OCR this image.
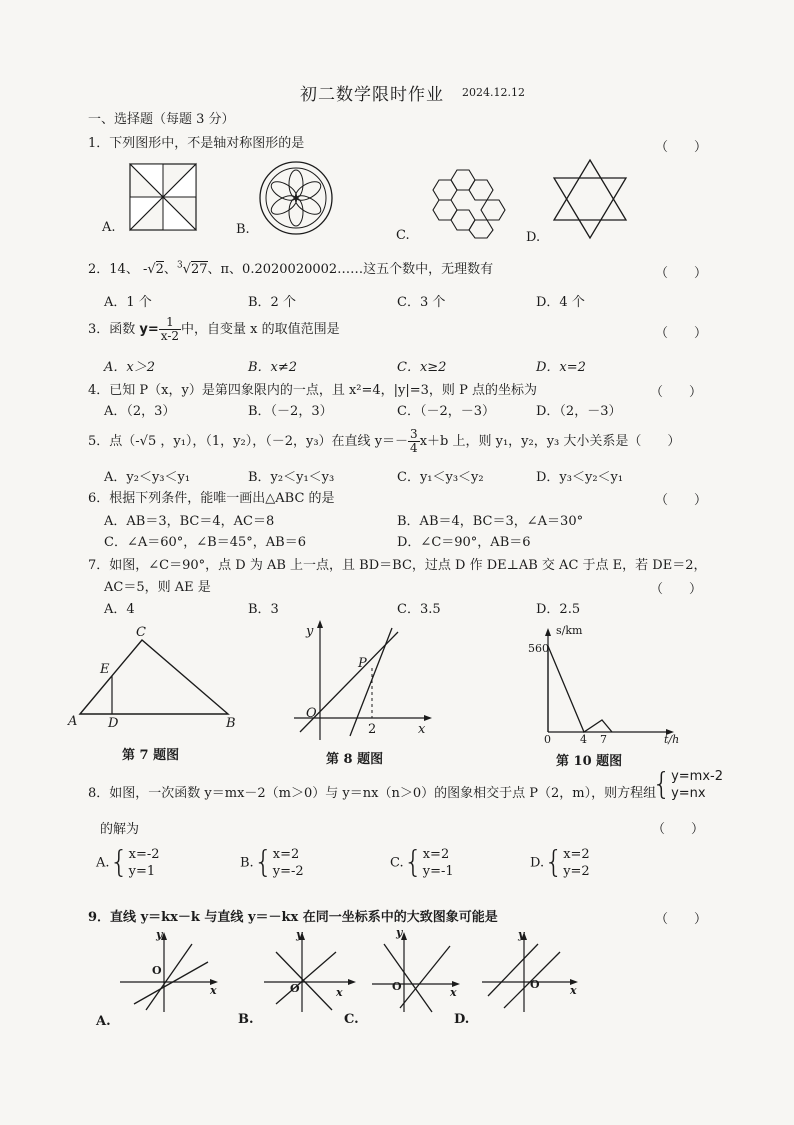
初二数学限时作业 2024.12.12
一、选择题（每题 3 分）
1．下列图形中，不是轴对称图形的是	（　　）
A.	B.	C.	D.
2．14、 -√2、$^3$√27、π、0.2020020002……这五个数中，无理数有	（　　）
A．1 个	B．2 个	C．3 个	D．4 个
3．函数 $y= \frac{1}{x-2}$ 中，自变量 x 的取值范围是	（　　）
A．x＞2	B．x≠2	C．x≥2	D．x=2
4．已知 P（x，y）是第四象限内的一点，且 x²=4，|y|=3，则 P 点的坐标为	（　　）
A．（2，3）	B．（－2，3）	C．（－2，－3）	D．（2，－3）
5．点（-√5 ，y₁），（1，y₂），（－2，y₃）在直线 $y=- \frac{3}{4} x+b$ 上，则 y₁，y₂，y₃ 大小关系是（　　）
A．y₂＜y₃＜y₁	B．y₂＜y₁＜y₃	C．y₁＜y₃＜y₂	D．y₃＜y₂＜y₁
6．根据下列条件，能唯一画出△ABC 的是	（　　）
A．AB＝3，BC＝4，AC＝8	B．AB＝4，BC＝3，∠A＝30°
C．∠A＝60°，∠B＝45°，AB＝6	D．∠C＝90°，AB＝6
7．如图，∠C＝90°，点 D 为 AB 上一点，且 BD＝BC，过点 D 作 DE⊥AB 交 AC 于点 E，若 DE＝2，
AC＝5，则 AE 是	（　　）
A．4	B．3	C．3.5	D．2.5
C
E
A D	B
第 7 题图
y
x
O
P
2
第 8 题图
s/km
560
0	4 7	t/h
第 10 题图
8．如图，一次函数 y＝mx－2（m＞0）与 y＝nx（n＞0）的图象相交于点 P（2，m），则方程组
{ y=mx-2
y=nx
的解为	（　　）
A.{ x=-2
y=1
B.{ x=2
y=-2
C.{ x=2
y=-1
D.{ x=2
y=2
9．直线 y＝kx－k 与直线 y＝－kx 在同一坐标系中的大致图象可能是	（　　）
y
x
O
A.
y
x
O
B.
y
x
O
C.
y
x
O
D.
